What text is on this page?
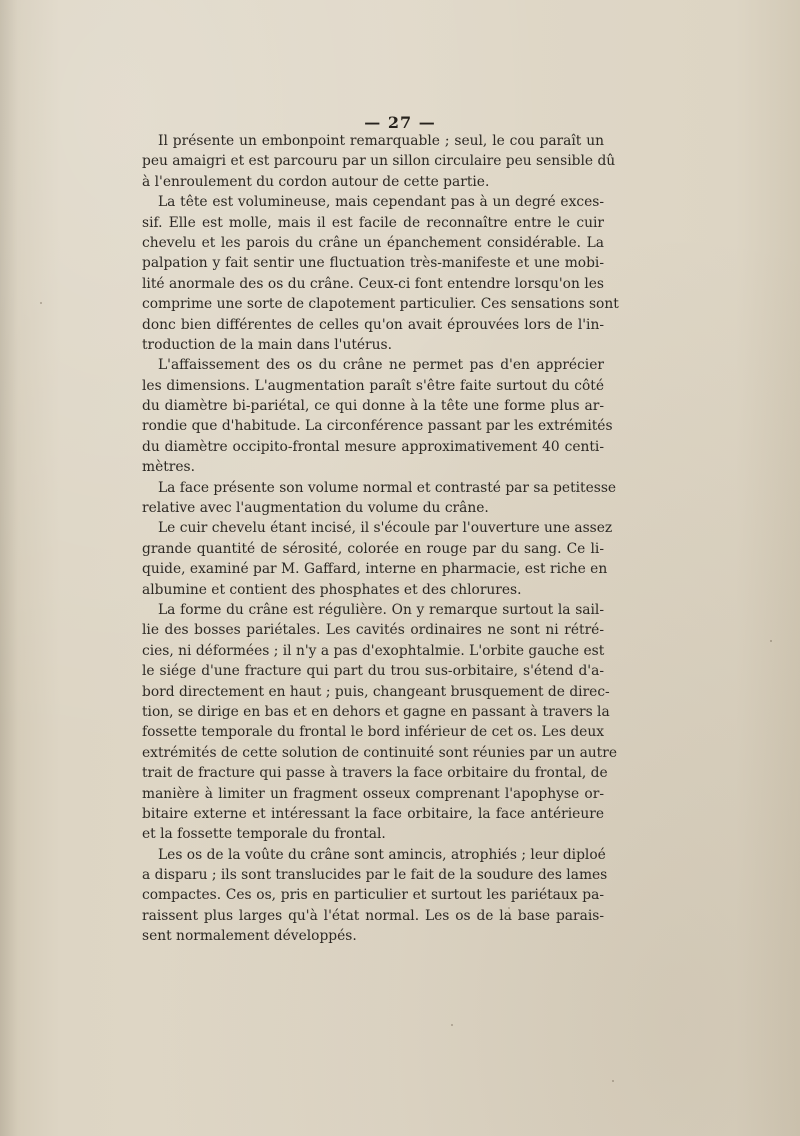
— 27 —
Il présente un embonpoint remarquable ; seul, le cou paraît un
peu amaigri et est parcouru par un sillon circulaire peu sensible dû
à l'enroulement du cordon autour de cette partie.
La tête est volumineuse, mais cependant pas à un degré exces-
sif. Elle est molle, mais il est facile de reconnaître entre le cuir
chevelu et les parois du crâne un épanchement considérable. La
palpation y fait sentir une fluctuation très-manifeste et une mobi-
lité anormale des os du crâne. Ceux-ci font entendre lorsqu'on les
comprime une sorte de clapotement particulier. Ces sensations sont
donc bien différentes de celles qu'on avait éprouvées lors de l'in-
troduction de la main dans l'utérus.
L'affaissement des os du crâne ne permet pas d'en apprécier
les dimensions. L'augmentation paraît s'être faite surtout du côté
du diamètre bi-pariétal, ce qui donne à la tête une forme plus ar-
rondie que d'habitude. La circonférence passant par les extrémités
du diamètre occipito-frontal mesure approximativement 40 centi-
mètres.
La face présente son volume normal et contrasté par sa petitesse
relative avec l'augmentation du volume du crâne.
Le cuir chevelu étant incisé, il s'écoule par l'ouverture une assez
grande quantité de sérosité, colorée en rouge par du sang. Ce li-
quide, examiné par M. Gaffard, interne en pharmacie, est riche en
albumine et contient des phosphates et des chlorures.
La forme du crâne est régulière. On y remarque surtout la sail-
lie des bosses pariétales. Les cavités ordinaires ne sont ni rétré-
cies, ni déformées ; il n'y a pas d'exophtalmie. L'orbite gauche est
le siége d'une fracture qui part du trou sus-orbitaire, s'étend d'a-
bord directement en haut ; puis, changeant brusquement de direc-
tion, se dirige en bas et en dehors et gagne en passant à travers la
fossette temporale du frontal le bord inférieur de cet os. Les deux
extrémités de cette solution de continuité sont réunies par un autre
trait de fracture qui passe à travers la face orbitaire du frontal, de
manière à limiter un fragment osseux comprenant l'apophyse or-
bitaire externe et intéressant la face orbitaire, la face antérieure
et la fossette temporale du frontal.
Les os de la voûte du crâne sont amincis, atrophiés ; leur diploé
a disparu ; ils sont translucides par le fait de la soudure des lames
compactes. Ces os, pris en particulier et surtout les pariétaux pa-
raissent plus larges qu'à l'état normal. Les os de la base parais-
sent normalement développés.
